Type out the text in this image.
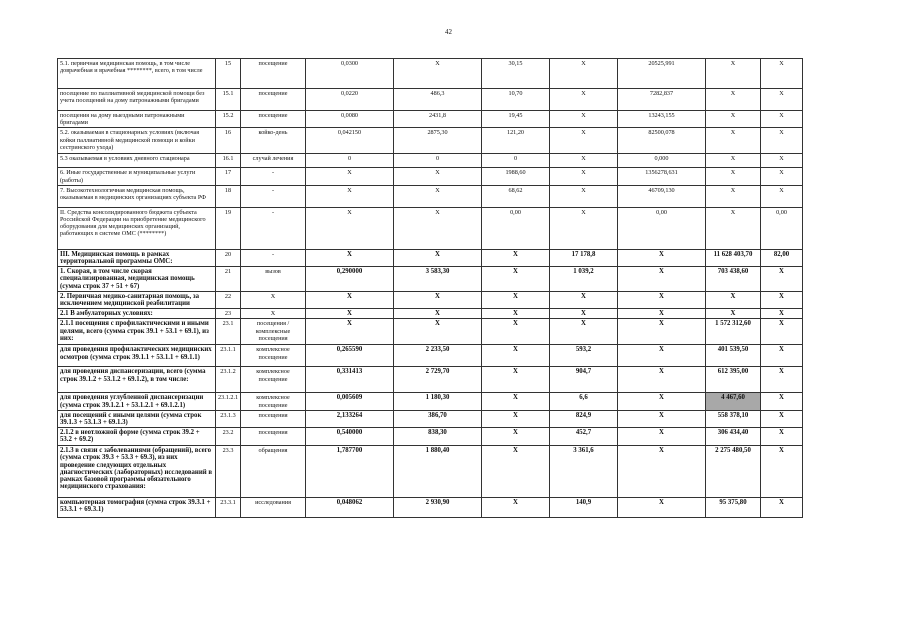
42
5.1. первичная медицинская помощь, в том числе доврачебная и врачебная ********, всего, в том числе	15	посещение	0,0300	X	30,15	X	20525,991	X	X
посещение по паллиативной медицинской помощи без учета посещений на дому патронажными бригадами	15.1	посещение	0,0220	486,3	10,70	X	7282,837	X	X
посещения на дому выездными патронажными бригадами	15.2	посещение	0,0080	2431,8	19,45	X	13243,155	X	X
5.2. оказываемая в стационарных условиях (включая койки паллиативной медицинской помощи и койки сестринского ухода)	16	койко-день	0,042150	2875,30	121,20	X	82500,078	X	X
5.3 оказываемая в условиях дневного стационара	16.1	случай лечения	0	0	0	X	0,000	X	X
6. Иные государственные и муниципальные услуги (работы)	17	-	X	X	1988,60	X	1356278,631	X	X
7. Высокотехнологичная медицинская помощь, оказываемая в медицинских организациях субъекта РФ	18	-	X	X	68,62	X	46709,130	X	X
II. Средства консолидированного бюджета субъекта Российской Федерации на приобретение медицинского оборудования для медицинских организаций, работающих в системе ОМС (********)	19	-	X	X	0,00	X	0,00	X	0,00
III. Медицинская помощь в рамках территориальной программы ОМС:	20	-	X	X	X	17 178,8	X	11 628 403,70	82,00
1. Скорая, в том числе скорая специализированная, медицинская помощь (сумма строк 37 + 51 + 67)	21	вызов	0,290000	3 583,30	X	1 039,2	X	703 438,60	X
2. Первичная медико-санитарная помощь, за исключением медицинской реабилитации	22	X	X	X	X	X	X	X	X
2.1 В амбулаторных условиях:	23	X	X	X	X	X	X	X	X
2.1.1 посещения с профилактическими и иными целями, всего (сумма строк 39.1 + 53.1 + 69.1), из них:	23.1	посещения / комплексные посещения	X	X	X	X	X	1 572 312,60	X
для проведения профилактических медицинских осмотров (сумма строк 39.1.1 + 53.1.1 + 69.1.1)	23.1.1	комплексное посещение	0,265590	2 233,50	X	593,2	X	401 539,50	X
для проведения диспансеризации, всего (сумма строк 39.1.2 + 53.1.2 + 69.1.2), в том числе:	23.1.2	комплексное посещение	0,331413	2 729,70	X	904,7	X	612 395,00	X
для проведения углубленной диспансеризации (сумма строк 39.1.2.1 + 53.1.2.1 + 69.1.2.1)	23.1.2.1	комплексное посещение	0,005609	1 180,30	X	6,6	X	4 467,60	X
для посещений с иными целями (сумма строк 39.1.3 + 53.1.3 + 69.1.3)	23.1.3	посещения	2,133264	386,70	X	824,9	X	558 378,10	X
2.1.2 в неотложной форме (сумма строк 39.2 + 53.2 + 69.2)	23.2	посещения	0,540000	838,30	X	452,7	X	306 434,40	X
2.1.3 в связи с заболеваниями (обращений), всего (сумма строк 39.3 + 53.3 + 69.3), из них проведение следующих отдельных диагностических (лабораторных) исследований в рамках базовой программы обязательного медицинского страхования:	23.3	обращения	1,787700	1 880,40	X	3 361,6	X	2 275 480,50	X
компьютерная томография (сумма строк 39.3.1 + 53.3.1 + 69.3.1)	23.3.1	исследования	0,048062	2 930,90	X	140,9	X	95 375,80	X
